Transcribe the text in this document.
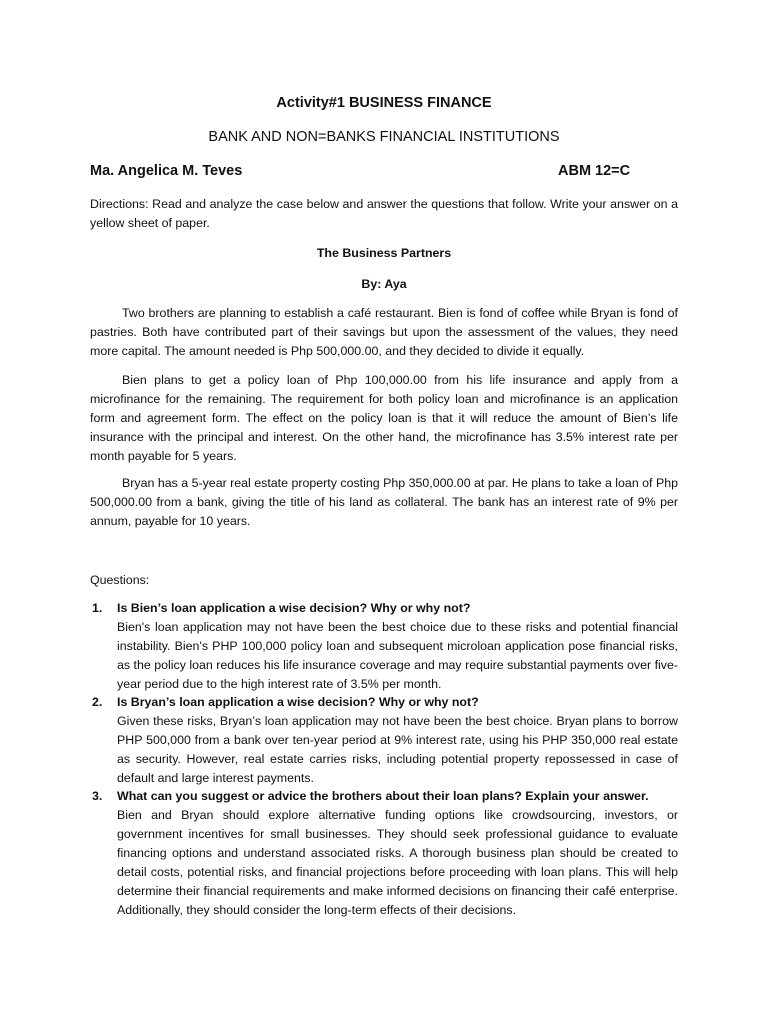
Activity#1 BUSINESS FINANCE
BANK AND NON=BANKS FINANCIAL INSTITUTIONS
Ma. Angelica M. Teves	ABM 12=C
Directions: Read and analyze the case below and answer the questions that follow. Write your answer on a yellow sheet of paper.
The Business Partners
By: Aya

Two brothers are planning to establish a café restaurant. Bien is fond of coffee while Bryan is fond of pastries. Both have contributed part of their savings but upon the assessment of the values, they need more capital. The amount needed is Php 500,000.00, and they decided to divide it equally.

Bien plans to get a policy loan of Php 100,000.00 from his life insurance and apply from a microfinance for the remaining. The requirement for both policy loan and microfinance is an application form and agreement form. The effect on the policy loan is that it will reduce the amount of Bien’s life insurance with the principal and interest. On the other hand, the microfinance has 3.5% interest rate per month payable for 5 years.

Bryan has a 5-year real estate property costing Php 350,000.00 at par. He plans to take a loan of Php 500,000.00 from a bank, giving the title of his land as collateral. The bank has an interest rate of 9% per annum, payable for 10 years.

Questions:
1. Is Bien’s loan application a wise decision? Why or why not?
Bien's loan application may not have been the best choice due to these risks and potential financial instability. Bien's PHP 100,000 policy loan and subsequent microloan application pose financial risks, as the policy loan reduces his life insurance coverage and may require substantial payments over five-year period due to the high interest rate of 3.5% per month.
2. Is Bryan’s loan application a wise decision? Why or why not?
Given these risks, Bryan’s loan application may not have been the best choice. Bryan plans to borrow PHP 500,000 from a bank over ten-year period at 9% interest rate, using his PHP 350,000 real estate as security. However, real estate carries risks, including potential property repossessed in case of default and large interest payments.
3. What can you suggest or advice the brothers about their loan plans? Explain your answer.
Bien and Bryan should explore alternative funding options like crowdsourcing, investors, or government incentives for small businesses. They should seek professional guidance to evaluate financing options and understand associated risks. A thorough business plan should be created to detail costs, potential risks, and financial projections before proceeding with loan plans. This will help determine their financial requirements and make informed decisions on financing their café enterprise. Additionally, they should consider the long-term effects of their decisions.
